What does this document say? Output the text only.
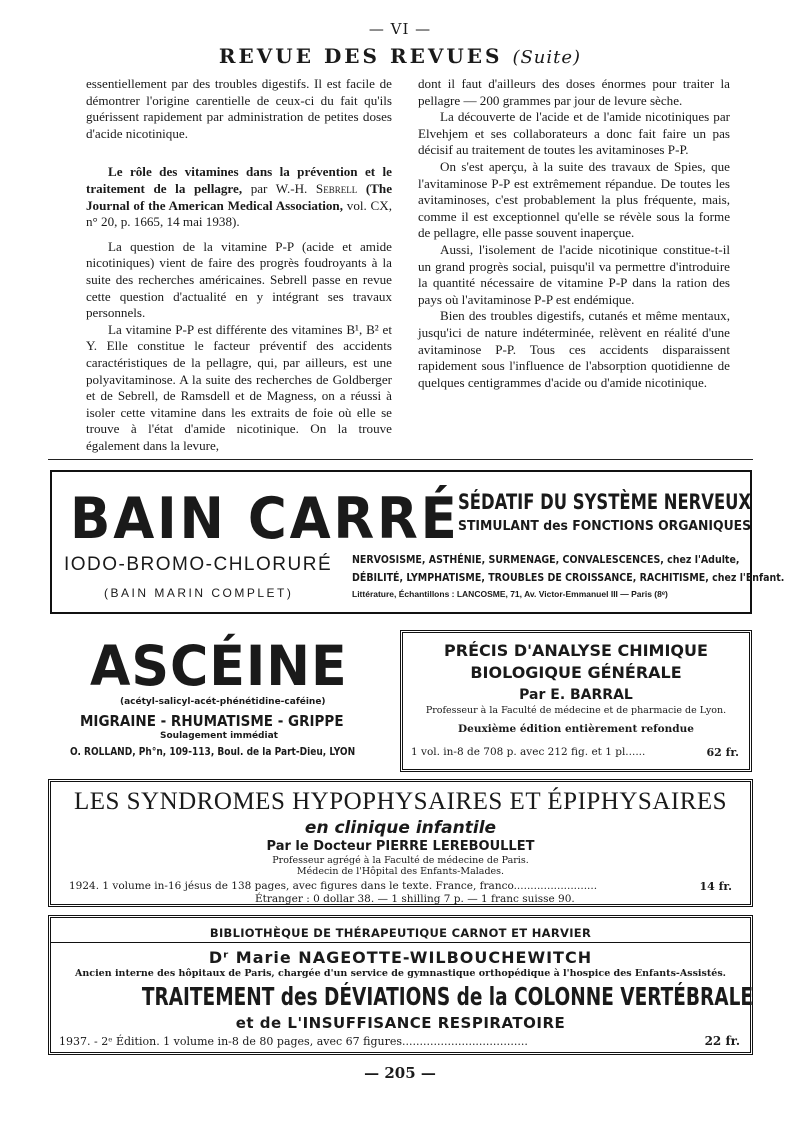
— VI —
REVUE DES REVUES (Suite)

essentiellement par des troubles digestifs. Il est facile de démontrer l'origine carentielle de ceux-ci du fait qu'ils guérissent rapidement par administration de petites doses d'acide nicotinique.

Le rôle des vitamines dans la prévention et le traitement de la pellagre, par W.-H. Sebrell (The Journal of the American Medical Association, vol. CX, n° 20, p. 1665, 14 mai 1938).

La question de la vitamine P-P (acide et amide nicotiniques) vient de faire des progrès foudroyants à la suite des recherches américaines. Sebrell passe en revue cette question d'actualité en y intégrant ses travaux personnels.

La vitamine P-P est différente des vitamines B¹, B² et Y. Elle constitue le facteur préventif des accidents caractéristiques de la pellagre, qui, par ailleurs, est une polyavitaminose. A la suite des recherches de Goldberger et de Sebrell, de Ramsdell et de Magness, on a réussi à isoler cette vitamine dans les extraits de foie où elle se trouve à l'état d'amide nicotinique. On la trouve également dans la levure,

dont il faut d'ailleurs des doses énormes pour traiter la pellagre — 200 grammes par jour de levure sèche.

La découverte de l'acide et de l'amide nicotiniques par Elvehjem et ses collaborateurs a donc fait faire un pas décisif au traitement de toutes les avitaminoses P-P.

On s'est aperçu, à la suite des travaux de Spies, que l'avitaminose P-P est extrêmement répandue. De toutes les avitaminoses, c'est probablement la plus fréquente, mais, comme il est exceptionnel qu'elle se révèle sous la forme de pellagre, elle passe souvent inaperçue.

Aussi, l'isolement de l'acide nicotinique constitue-t-il un grand progrès social, puisqu'il va permettre d'introduire la quantité nécessaire de vitamine P-P dans la ration des pays où l'avitaminose P-P est endémique.

Bien des troubles digestifs, cutanés et même mentaux, jusqu'ici de nature indéterminée, relèvent en réalité d'une avitaminose P-P. Tous ces accidents disparaissent rapidement sous l'influence de l'absorption quotidienne de quelques centigrammes d'acide ou d'amide nicotinique.

BAIN CARRÉ
SÉDATIF DU SYSTÈME NERVEUX
STIMULANT des FONCTIONS ORGANIQUES
IODO-BROMO-CHLORURÉ
(BAIN MARIN COMPLET)
NERVOSISME, ASTHÉNIE, SURMENAGE, CONVALESCENCES, chez l'Adulte,
DÉBILITÉ, LYMPHATISME, TROUBLES DE CROISSANCE, RACHITISME, chez l'Enfant.
Littérature, Échantillons : LANCOSME, 71, Av. Victor-Emmanuel III — Paris (8ᵉ)
ASCÉINE
(acétyl-salicyl-acét-phénétidine-caféine)
MIGRAINE - RHUMATISME - GRIPPE
Soulagement immédiat
O. ROLLAND, Ph°n, 109-113, Boul. de la Part-Dieu, LYON
PRÉCIS D'ANALYSE CHIMIQUE
BIOLOGIQUE GÉNÉRALE
Par E. BARRAL
Professeur à la Faculté de médecine et de pharmacie de Lyon.
Deuxième édition entièrement refondue
1 vol. in-8 de 708 p. avec 212 fig. et 1 pl......	62 fr.
LES SYNDROMES HYPOPHYSAIRES ET ÉPIPHYSAIRES
en clinique infantile
Par le Docteur PIERRE LEREBOULLET
Professeur agrégé à la Faculté de médecine de Paris.
Médecin de l'Hôpital des Enfants-Malades.
1924. 1 volume in-16 jésus de 138 pages, avec figures dans le texte. France, franco.........................	14 fr.
Étranger : 0 dollar 38. — 1 shilling 7 p. — 1 franc suisse 90.
BIBLIOTHÈQUE DE THÉRAPEUTIQUE CARNOT ET HARVIER
Dʳ Marie NAGEOTTE-WILBOUCHEWITCH
Ancien interne des hôpitaux de Paris, chargée d'un service de gymnastique orthopédique à l'hospice des Enfants-Assistés.
TRAITEMENT des DÉVIATIONS de la COLONNE VERTÉBRALE
et de L'INSUFFISANCE RESPIRATOIRE
1937. - 2ᵉ Édition. 1 volume in-8 de 80 pages, avec 67 figures....................................	22 fr.
— 205 —
